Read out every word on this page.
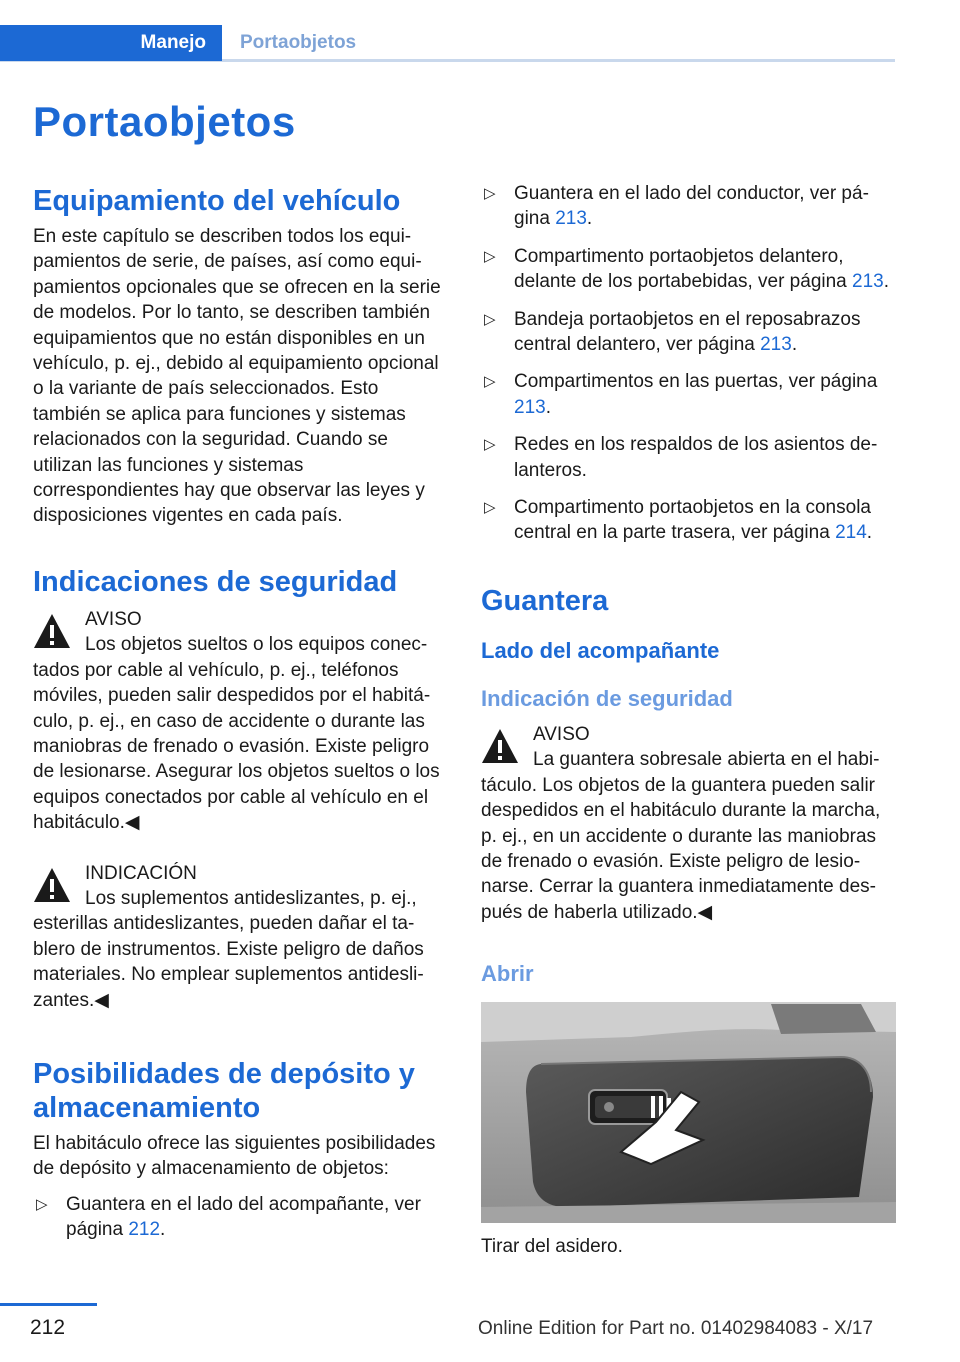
Manejo Portaobjetos
Portaobjetos
Equipamiento del vehículo

En este capítulo se describen todos los equipamientos de serie, de países, así como equipamientos opcionales que se ofrecen en la serie de modelos. Por lo tanto, se describen también equipamientos que no están disponibles en un vehículo, p. ej., debido al equipamiento opcional o la variante de país seleccionados. Esto también se aplica para funciones y sistemas relacionados con la seguridad. Cuando se utilizan las funciones y sistemas correspondientes hay que observar las leyes y disposiciones vigentes en cada país.

Indicaciones de seguridad
AVISO
Los objetos sueltos o los equipos conectados por cable al vehículo, p. ej., teléfonos móviles, pueden salir despedidos por el habitáculo, p. ej., en caso de accidente o durante las maniobras de frenado o evasión. Existe peligro de lesionarse. Asegurar los objetos sueltos o los equipos conectados por cable al vehículo en el habitáculo.◀
INDICACIÓN
Los suplementos antideslizantes, p. ej., esterillas antideslizantes, pueden dañar el tablero de instrumentos. Existe peligro de daños materiales. No emplear suplementos antideslizantes.◀
Posibilidades de depósito y almacenamiento

El habitáculo ofrece las siguientes posibilidades de depósito y almacenamiento de objetos:

▷ Guantera en el lado del acompañante, ver página 212.
▷ Guantera en el lado del conductor, ver página 213.
▷ Compartimento portaobjetos delantero, delante de los portabebidas, ver página 213.
▷ Bandeja portaobjetos en el reposabrazos central delantero, ver página 213.
▷ Compartimentos en las puertas, ver página 213.
▷ Redes en los respaldos de los asientos delanteros.
▷ Compartimento portaobjetos en la consola central en la parte trasera, ver página 214.
Guantera
Lado del acompañante
Indicación de seguridad
AVISO
La guantera sobresale abierta en el habitáculo. Los objetos de la guantera pueden salir despedidos en el habitáculo durante la marcha, p. ej., en un accidente o durante las maniobras de frenado o evasión. Existe peligro de lesionarse. Cerrar la guantera inmediatamente después de haberla utilizado.◀
Abrir

Tirar del asidero.

212	Online Edition for Part no. 01402984083 - X/17
